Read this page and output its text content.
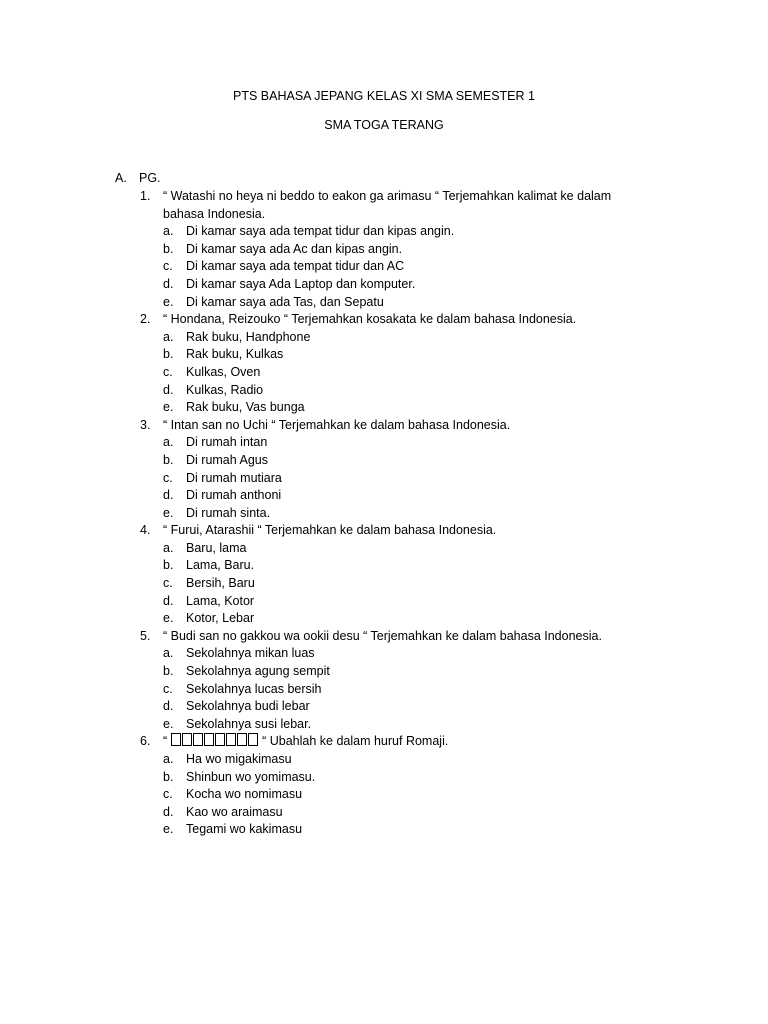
PTS BAHASA JEPANG KELAS XI SMA SEMESTER 1
SMA TOGA TERANG
A. PG.
1.	“ Watashi no heya ni beddo to eakon ga arimasu “ Terjemahkan kalimat ke dalam bahasa Indonesia.
a.	Di kamar saya ada tempat tidur dan kipas angin.
b.	Di kamar saya ada Ac dan kipas angin.
c.	Di kamar saya ada tempat tidur dan AC
d.	Di kamar saya Ada Laptop dan komputer.
e.	Di kamar saya ada Tas, dan Sepatu
2.	“ Hondana, Reizouko “ Terjemahkan kosakata ke dalam bahasa Indonesia.
a.	Rak buku, Handphone
b.	Rak buku, Kulkas
c.	Kulkas, Oven
d.	Kulkas, Radio
e.	Rak buku, Vas bunga
3.	“ Intan san no Uchi “ Terjemahkan ke dalam bahasa Indonesia.
a.	Di rumah intan
b.	Di rumah Agus
c.	Di rumah mutiara
d.	Di rumah anthoni
e.	Di rumah sinta.
4.	“ Furui, Atarashii “ Terjemahkan ke dalam bahasa Indonesia.
a.	Baru, lama
b.	Lama, Baru.
c.	Bersih, Baru
d.	Lama, Kotor
e.	Kotor, Lebar
5.	“ Budi san no gakkou wa ookii desu “ Terjemahkan ke dalam bahasa Indonesia.
a.	Sekolahnya mikan luas
b.	Sekolahnya agung sempit
c.	Sekolahnya lucas bersih
d.	Sekolahnya budi lebar
e.	Sekolahnya susi lebar.
6.	“	“ Ubahlah ke dalam huruf Romaji.
a.	Ha wo migakimasu
b.	Shinbun wo yomimasu.
c.	Kocha wo nomimasu
d.	Kao wo araimasu
e.	Tegami wo kakimasu
